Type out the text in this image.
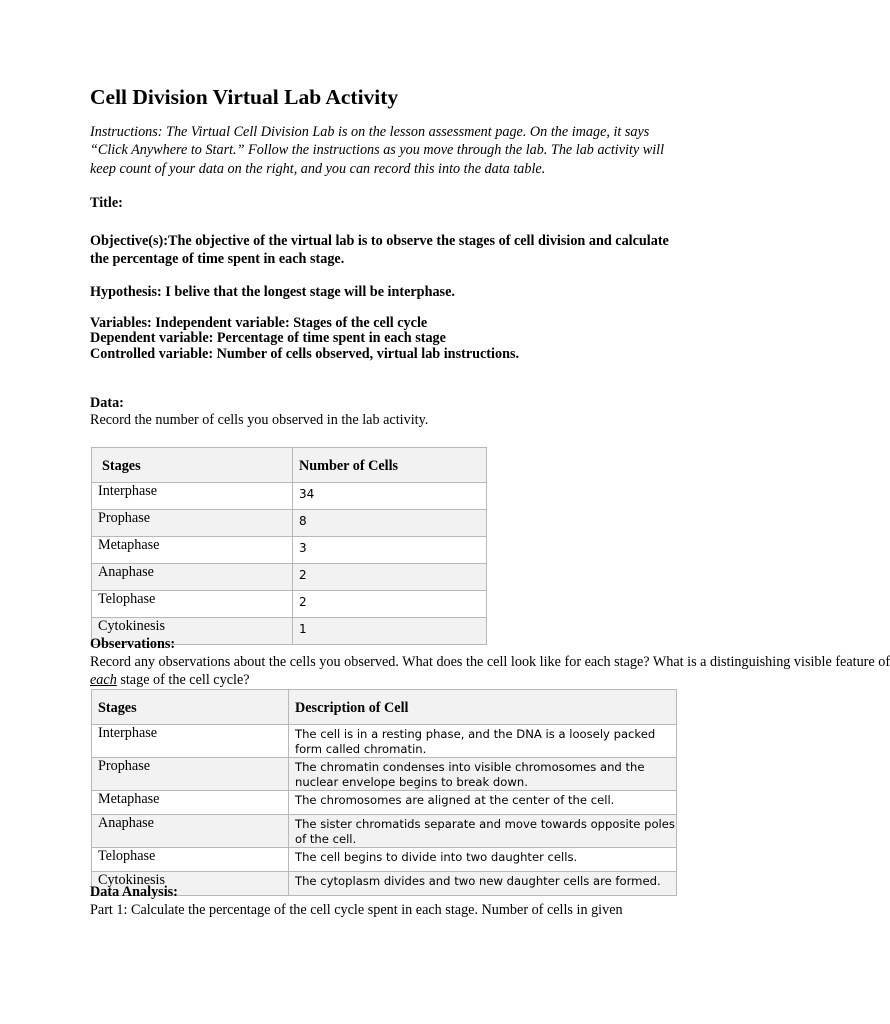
Cell Division Virtual Lab Activity
Instructions: The Virtual Cell Division Lab is on the lesson assessment page. On the image, it says “Click Anywhere to Start.” Follow the instructions as you move through the lab. The lab activity will keep count of your data on the right, and you can record this into the data table.
Title:
Objective(s):The objective of the virtual lab is to observe the stages of cell division and calculate the percentage of time spent in each stage.
Hypothesis: I belive that the longest stage will be interphase.
Variables: Independent variable: Stages of the cell cycle
Dependent variable: Percentage of time spent in each stage
Controlled variable: Number of cells observed, virtual lab instructions.
Data:
Record the number of cells you observed in the lab activity.
Stages	Number of Cells
Interphase	34
Prophase	8
Metaphase	3
Anaphase	2
Telophase	2
Cytokinesis	1
Observations:
Record any observations about the cells you observed. What does the cell look like for each stage? What is a distinguishing visible feature of
each stage of the cell cycle?
Stages	Description of Cell
Interphase	The cell is in a resting phase, and the DNA is a loosely packed form called chromatin.
Prophase	The chromatin condenses into visible chromosomes and the nuclear envelope begins to break down.
Metaphase	The chromosomes are aligned at the center of the cell.
Anaphase	The sister chromatids separate and move towards opposite poles of the cell.
Telophase	The cell begins to divide into two daughter cells.
Cytokinesis	The cytoplasm divides and two new daughter cells are formed.
Data Analysis:
Part 1: Calculate the percentage of the cell cycle spent in each stage. Number of cells in given
